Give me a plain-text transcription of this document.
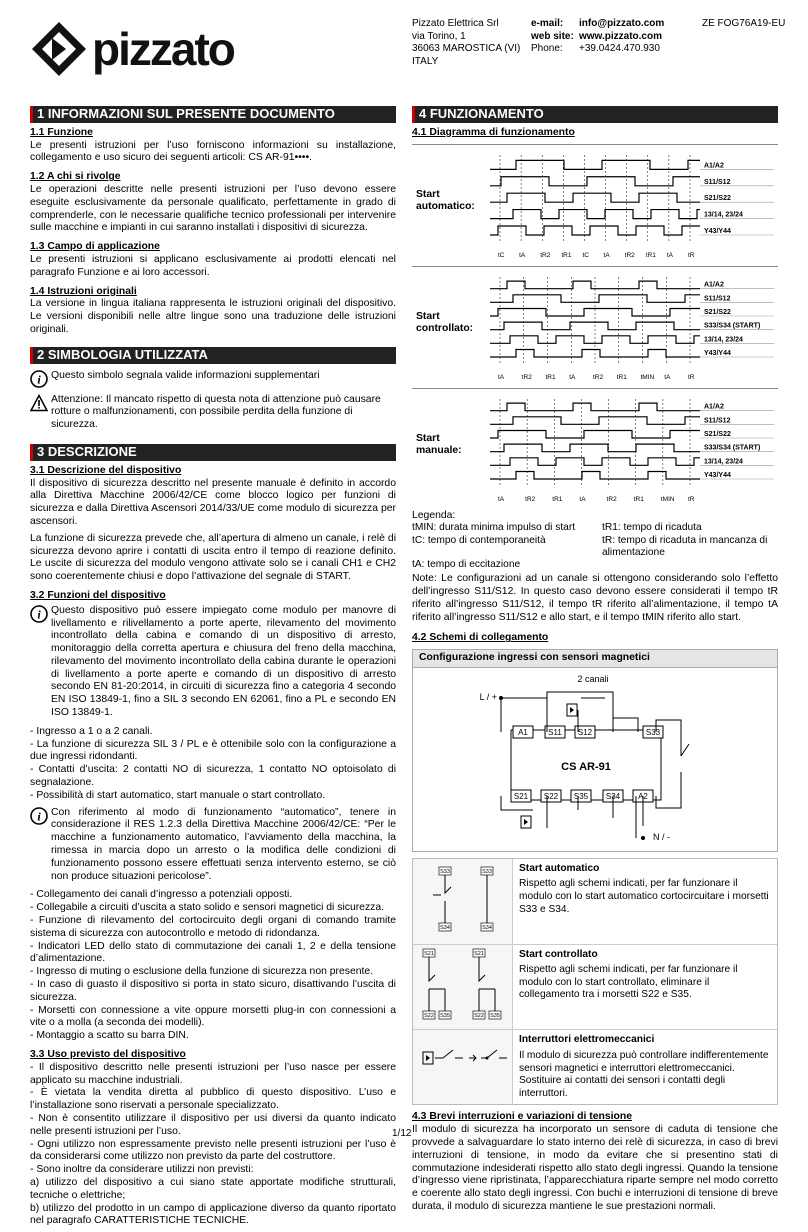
pizzato	Pizzato Elettrica Srl
via Torino, 1
36063 MAROSTICA (VI)
ITALY
e-mail: info@pizzato.com
web site: www.pizzato.com
Phone: +39.0424.470.930
ZE FOG76A19-EU
1 INFORMAZIONI SUL PRESENTE DOCUMENTO
1.1 Funzione

Le presenti istruzioni per l’uso forniscono informazioni su installazione, collegamento e uso sicuro dei seguenti articoli: CS AR-91••••.

1.2 A chi si rivolge

Le operazioni descritte nelle presenti istruzioni per l’uso devono essere eseguite esclusivamente da personale qualificato, perfettamente in grado di comprenderle, con le necessarie qualifiche tecnico professionali per intervenire sulle macchine e impianti in cui saranno installati i dispositivi di sicurezza.

1.3 Campo di applicazione

Le presenti istruzioni si applicano esclusivamente ai prodotti elencati nel paragrafo Funzione e ai loro accessori.

1.4 Istruzioni originali

La versione in lingua italiana rappresenta le istruzioni originali del dispositivo. Le versioni disponibili nelle altre lingue sono una traduzione delle istruzioni originali.

2 SIMBOLOGIA UTILIZZATA
i Questo simbolo segnala valide informazioni supplementari
Attenzione: Il mancato rispetto di questa nota di attenzione può causare rotture o malfunzionamenti, con possibile perdita della funzione di sicurezza.
3 DESCRIZIONE
3.1 Descrizione del dispositivo

Il dispositivo di sicurezza descritto nel presente manuale è definito in accordo alla Direttiva Macchine 2006/42/CE come blocco logico per funzioni di sicurezza e dalla Direttiva Ascensori 2014/33/UE come modulo di sicurezza per ascensori.

La funzione di sicurezza prevede che, all’apertura di almeno un canale, i relè di sicurezza devono aprire i contatti di uscita entro il tempo di reazione definito. Le uscite di sicurezza del modulo vengono attivate solo se i canali CH1 e CH2 sono coerentemente chiusi e dopo l’attivazione del segnale di START.

3.2 Funzioni del dispositivo
i Questo dispositivo può essere impiegato come modulo per manovre di livellamento e rilivellamento a porte aperte, rilevamento del movimento incontrollato della cabina e comando di un dispositivo di arresto, monitoraggio della corretta apertura e chiusura del freno della macchina, rilevamento del movimento incontrollato della cabina durante le operazioni di livellamento a porte aperte e comando di un dispositivo di arresto secondo EN 81-20:2014, in circuiti di sicurezza fino a categoria 4 secondo EN ISO 13849-1, fino a SIL 3 secondo EN 62061, fino a PL e secondo EN ISO 13849-1.

- Ingresso a 1 o a 2 canali.
- La funzione di sicurezza SIL 3 / PL e è ottenibile solo con la configurazione a due ingressi ridondanti.
- Contatti d’uscita: 2 contatti NO di sicurezza, 1 contatto NO optoisolato di segnalazione.
- Possibilità di start automatico, start manuale o start controllato.

i Con riferimento al modo di funzionamento “automatico”, tenere in considerazione il RES 1.2.3 della Direttiva Macchine 2006/42/CE: “Per le macchine a funzionamento automatico, l’avviamento della macchina, la rimessa in marcia dopo un arresto o la modifica delle condizioni di funzionamento possono essere effettuati senza intervento esterno, se ciò non produce situazioni pericolose”.

- Collegamento dei canali d’ingresso a potenziali opposti.
- Collegabile a circuiti d’uscita a stato solido e sensori magnetici di sicurezza.
- Funzione di rilevamento del cortocircuito degli organi di comando tramite sistema di sicurezza con autocontrollo e metodo di ridondanza.
- Indicatori LED dello stato di commutazione dei canali 1, 2 e della tensione d’alimentazione.
- Ingresso di muting o esclusione della funzione di sicurezza non presente.
- In caso di guasto il dispositivo si porta in stato sicuro, disattivando l’uscita di sicurezza.
- Morsetti con connessione a vite oppure morsetti plug-in con connessioni a vite o a molla (a seconda dei modelli).
- Montaggio a scatto su barra DIN.

3.3 Uso previsto del dispositivo

- Il dispositivo descritto nelle presenti istruzioni per l’uso nasce per essere applicato su macchine industriali.
- È vietata la vendita diretta al pubblico di questo dispositivo. L’uso e l’installazione sono riservati a personale specializzato.
- Non è consentito utilizzare il dispositivo per usi diversi da quanto indicato nelle presenti istruzioni per l’uso.
- Ogni utilizzo non espressamente previsto nelle presenti istruzioni per l’uso è da considerarsi come utilizzo non previsto da parte del costruttore.
- Sono inoltre da considerare utilizzi non previsti:
a) utilizzo del dispositivo a cui siano state apportate modifiche strutturali, tecniche o elettriche;
b) utilizzo del prodotto in un campo di applicazione diverso da quanto riportato nel paragrafo CARATTERISTICHE TECNICHE.

4 FUNZIONAMENTO
4.1 Diagramma di funzionamento
Start
automatico:
A1/A2
S11/S12
S21/S22
13/14, 23/24
Y43/Y44
tC tA tR2 tR1 tC tA tR2 tR1 tA tR
Start
controllato:
A1/A2
S11/S12
S21/S22
S33/S34 (START)
13/14, 23/24
Y43/Y44
tA	tR2 tR1 tA	tR2 tR1 tMIN tA	tR
Start
manuale:
A1/A2
S11/S12
S21/S22
S33/S34 (START)
13/14, 23/24
Y43/Y44
tA	tR2	tR1	tA	tR2	tR1	tMIN tR
Legenda:
tMIN: durata minima impulso di start	tR1: tempo di ricaduta
tC: tempo di contemporaneità	tR: tempo di ricaduta in mancanza di alimentazione
tA: tempo di eccitazione

Note: Le configurazioni ad un canale si ottengono considerando solo l’effetto dell’ingresso S11/S12. In questo caso devono essere considerati il tempo tR riferito all’ingresso S11/S12, il tempo tR riferito all’alimentazione, il tempo tA riferito all’ingresso S11/S12 e allo start, e il tempo tMIN riferito allo start.

4.2 Schemi di collegamento
Configurazione ingressi con sensori magnetici
2 canali
L / +
N / -
CS AR-91
A1	S11 S12	S33
S21 S22 S35 S34 A2
S33	S33
S34	S34
Start automatico
Rispetto agli schemi indicati, per far funzionare il modulo con lo start automatico cortocircuitare i morsetti S33 e S34.
S21	S21
S22 S35	S22 S35
Start controllato
Rispetto agli schemi indicati, per far funzionare il modulo con lo start controllato, eliminare il collegamento tra i morsetti S22 e S35.
Interruttori elettromeccanici
Il modulo di sicurezza può controllare indifferentemente sensori magnetici e interruttori elettromeccanici. Sostituire ai contatti dei sensori i contatti degli interruttori.
4.3 Brevi interruzioni e variazioni di tensione

Il modulo di sicurezza ha incorporato un sensore di caduta di tensione che provvede a salvaguardare lo stato interno dei relè di sicurezza, in caso di brevi interruzioni di tensione, in modo da evitare che si presentino stati di commutazione indesiderati rispetto allo stato degli ingressi. Quando la tensione d’ingresso viene ripristinata, l’apparecchiatura riparte sempre nel modo corretto e coerente allo stato degli ingressi. Con buchi e interruzioni di tensione di breve durata, il modulo di sicurezza mantiene le sue prestazioni normali.

1/12
